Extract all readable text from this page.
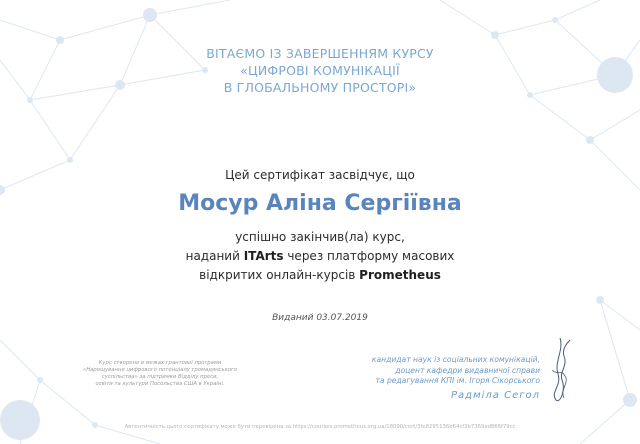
ВІТАЄМО ІЗ ЗАВЕРШЕННЯМ КУРСУ
«ЦИФРОВІ КОМУНІКАЦІЇ
В ГЛОБАЛЬНОМУ ПРОСТОРІ»
Цей сертифікат засвідчує, що
Мосур Аліна Сергіївна
успішно закінчив(ла) курс,
наданий ITArts через платформу масових
відкритих онлайн-курсів Prometheus
Виданий 03.07.2019
Курс створено в межах грантової програми
«Нарощування цифрового потенціалу громадянського
суспільства» за підтримки Відділу преси,
освіти та культури Посольства США в Україні.
кандидат наук із соціальних комунікацій,
доцент кафедри видавничої справи
та редагування КПІ ім. Ігоря Сікорського
Радміла Сегол
Автентичність цього сертифікату може бути перевірена за https://courses.prometheus.org.ua/18090/cert/3fe8295136b64cf3b7369ad866f79cc
